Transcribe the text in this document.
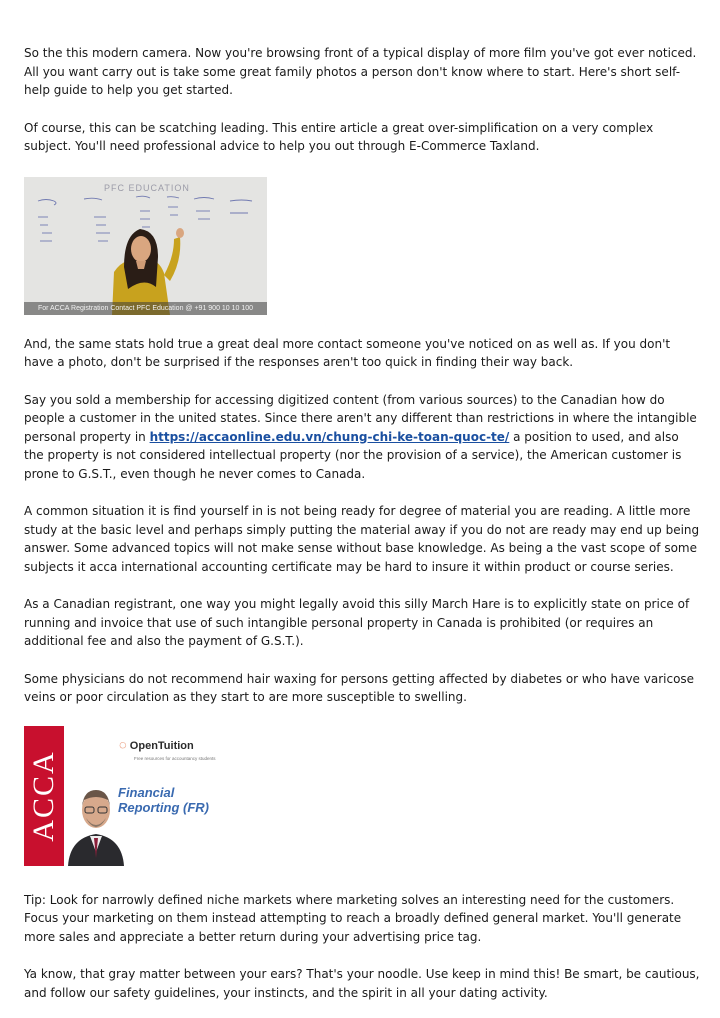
So the this modern camera. Now you're browsing front of a typical display of more film you've got ever noticed. All you want carry out is take some great family photos a person don't know where to start. Here's short self-help guide to help you get started.

Of course, this can be scatching leading. This entire article a great over-simplification on a very complex subject. You'll need professional advice to help you out through E-Commerce Taxland.

PFC EDUCATION
For ACCA Registration Contact PFC Education @ +91 900 10 10 100

And, the same stats hold true a great deal more contact someone you've noticed on as well as. If you don't have a photo, don't be surprised if the responses aren't too quick in finding their way back.

Say you sold a membership for accessing digitized content (from various sources) to the Canadian how do people a customer in the united states. Since there aren't any different than restrictions in where the intangible personal property in https://accaonline.edu.vn/chung-chi-ke-toan-quoc-te/ a position to used, and also the property is not considered intellectual property (nor the provision of a service), the American customer is prone to G.S.T., even though he never comes to Canada.

A common situation it is find yourself in is not being ready for degree of material you are reading. A little more study at the basic level and perhaps simply putting the material away if you do not are ready may end up being answer. Some advanced topics will not make sense without base knowledge. As being a the vast scope of some subjects it acca international accounting certificate may be hard to insure it within product or course series.

As a Canadian registrant, one way you might legally avoid this silly March Hare is to explicitly state on price of running and invoice that use of such intangible personal property in Canada is prohibited (or requires an additional fee and also the payment of G.S.T.).

Some physicians do not recommend hair waxing for persons getting affected by diabetes or who have varicose veins or poor circulation as they start to are more susceptible to swelling.

ACCA
◌ OpenTuition
Free resources for accountancy students
Financial Reporting (FR)

Tip: Look for narrowly defined niche markets where marketing solves an interesting need for the customers. Focus your marketing on them instead attempting to reach a broadly defined general market. You'll generate more sales and appreciate a better return during your advertising price tag.

Ya know, that gray matter between your ears? That's your noodle. Use keep in mind this! Be smart, be cautious, and follow our safety guidelines, your instincts, and the spirit in all your dating activity.
